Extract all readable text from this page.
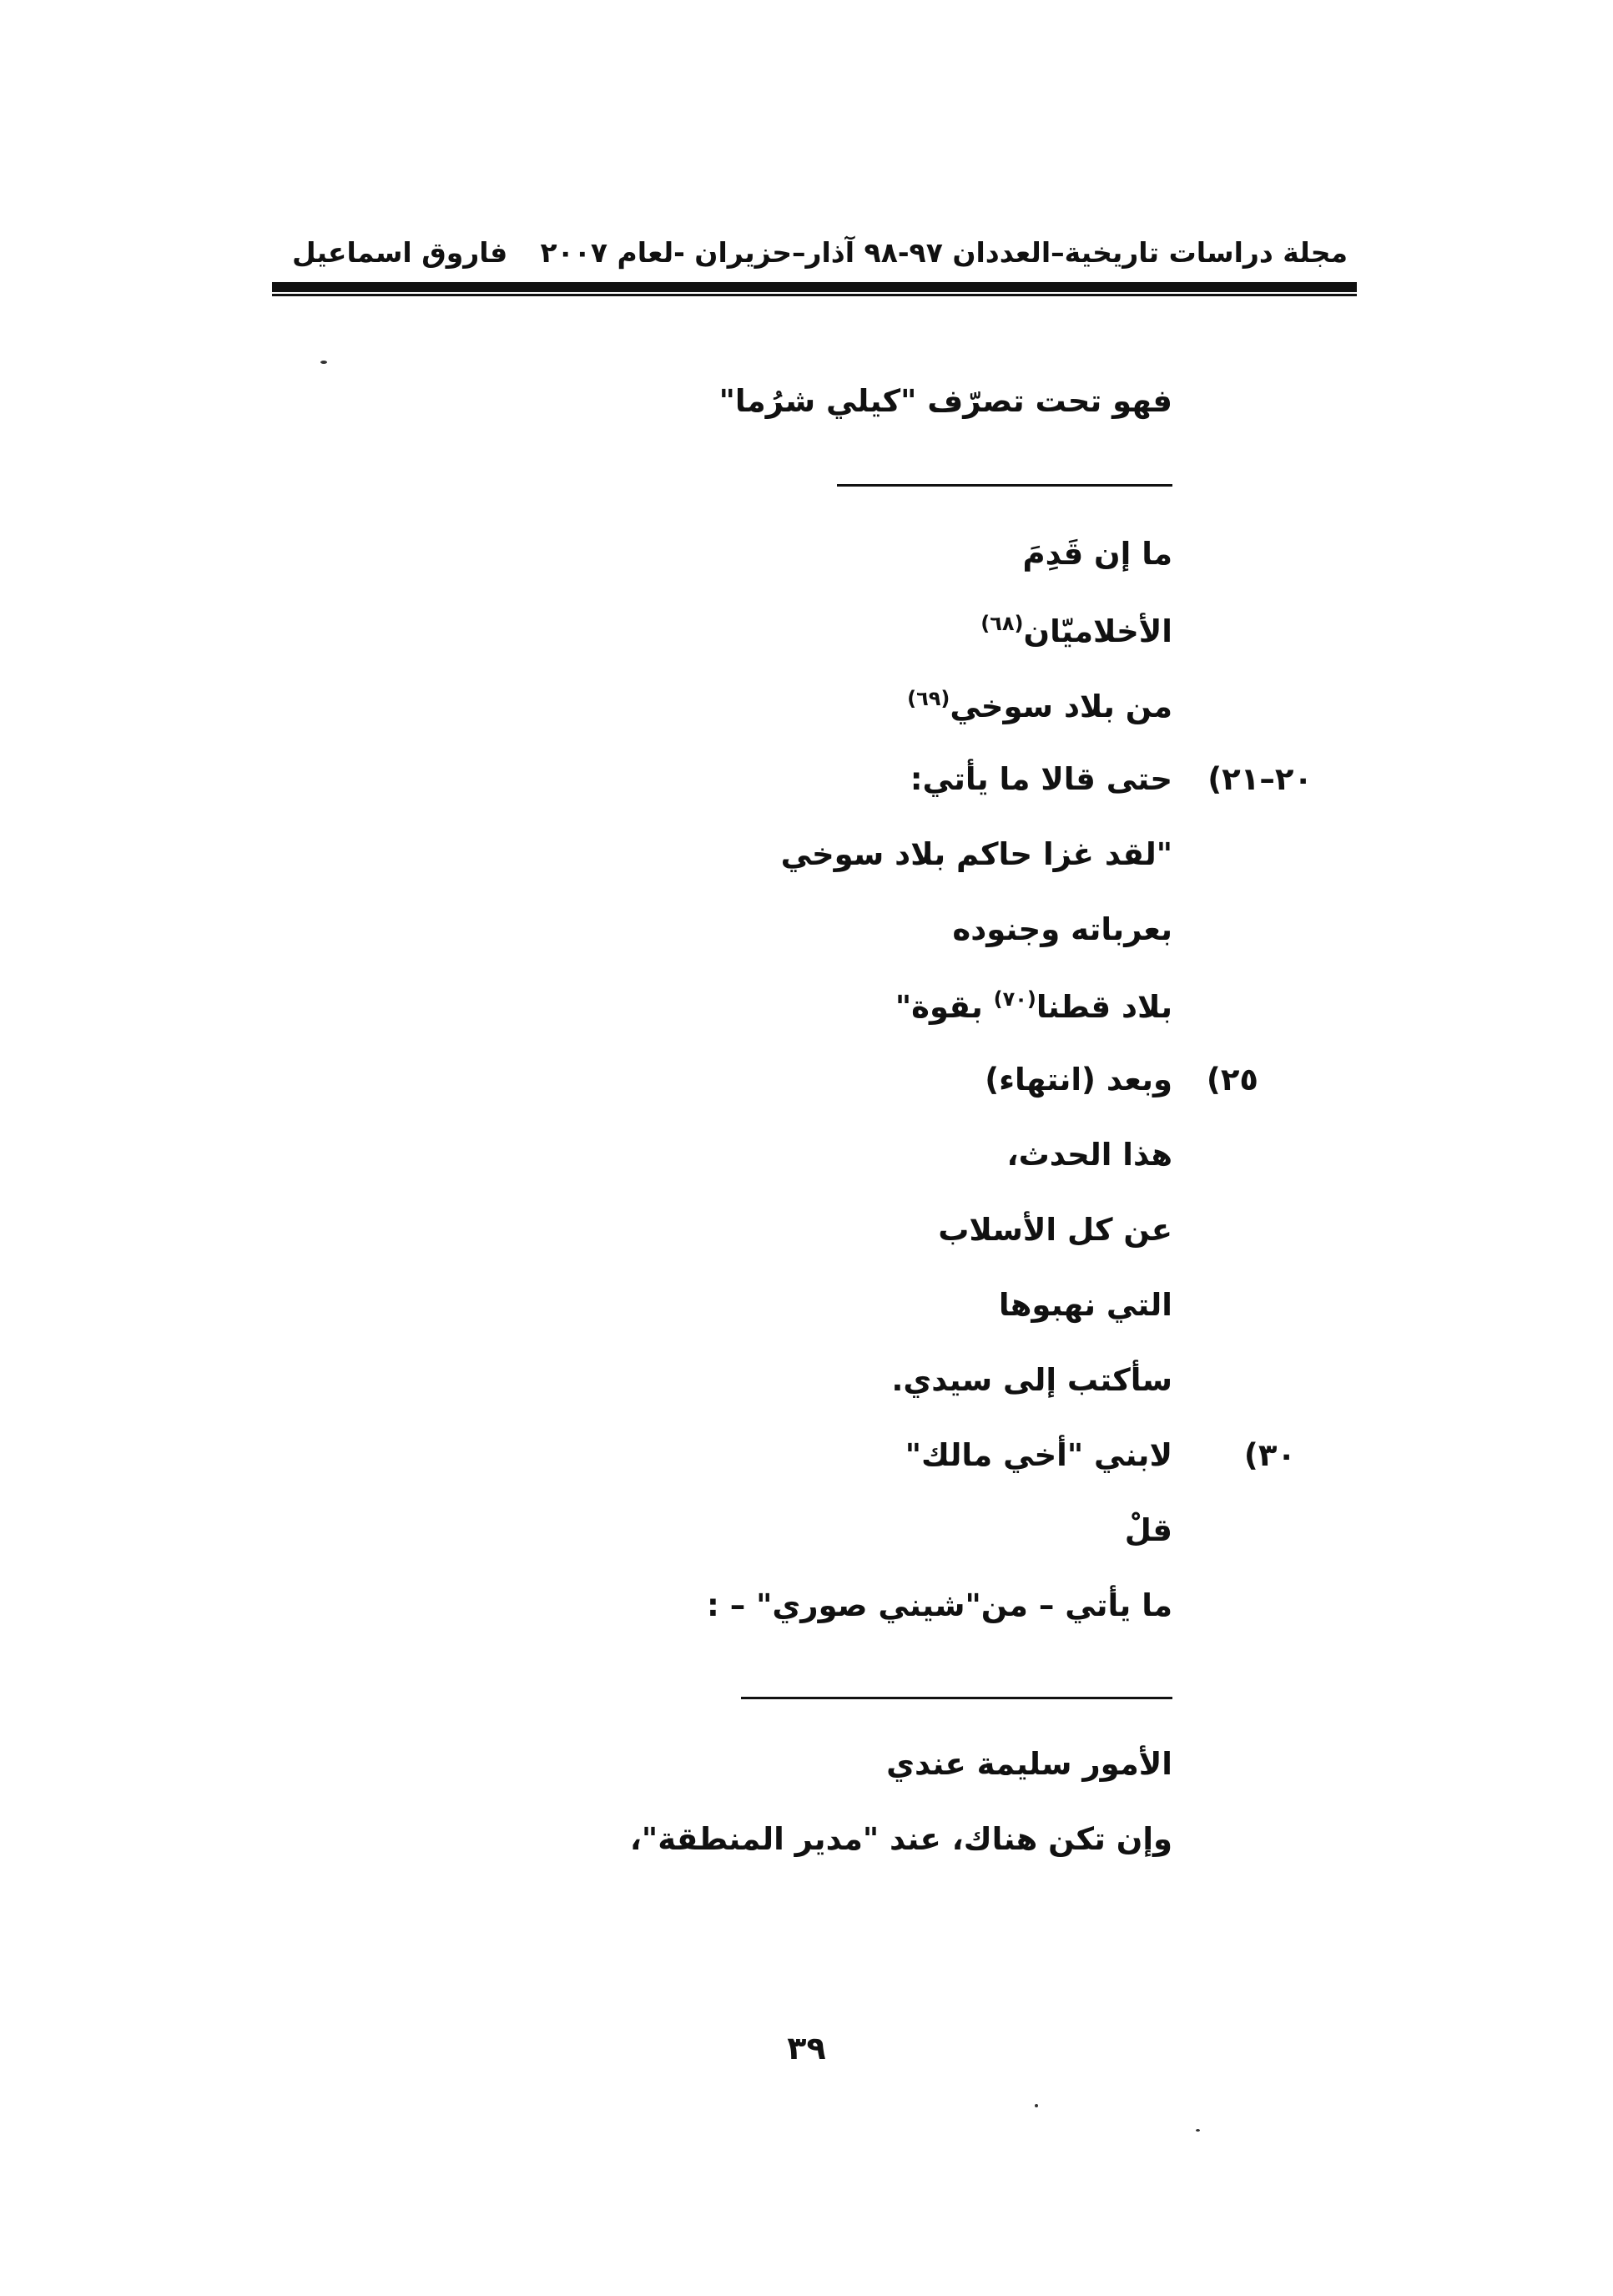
مجلة دراسات تاريخية–العددان ٩٧-٩٨ آذار–حزيران -لعام ٢٠٠٧
فاروق اسماعيل
فهو تحت تصرّف "كيلي شرُما"
ما إن قَدِمَ
الأخلاميّان$^{(٦٨)}$
من بلاد سوخي$^{(٦٩)}$
٢٠–٢١)
حتى قالا ما يأتي:
"لقد غزا حاكم بلاد سوخي
بعرباته وجنوده
بلاد قطنا$^{(٧٠)}$ بقوة"
٢٥)
وبعد (انتهاء)
هذا الحدث،
عن كل الأسلاب
التي نهبوها
سأكتب إلى سيدي.
٣٠)
لابني "أخي مالك"
قلْ
ما يأتي – من"شيني صوري" – :
الأمور سليمة عندي
وإن تكن هناك، عند "مدير المنطقة"،
٣٩
